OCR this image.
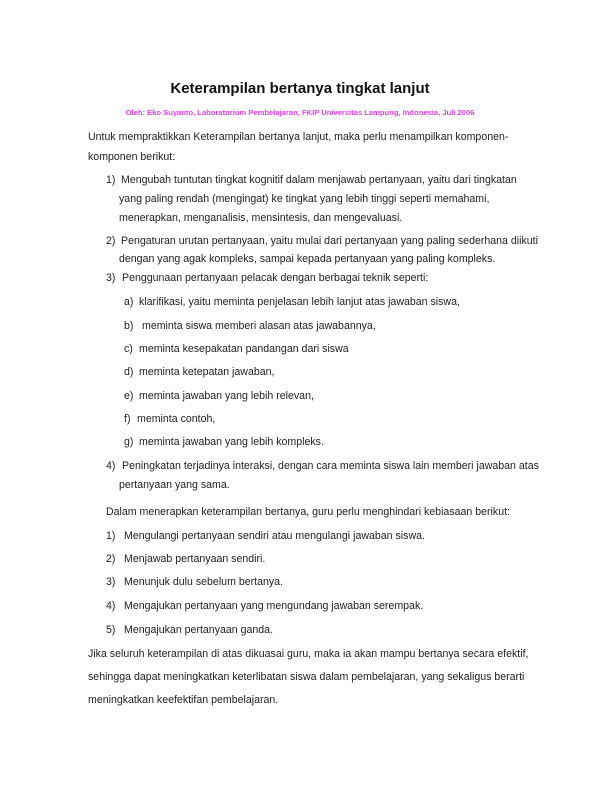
Keterampilan bertanya tingkat lanjut
Oleh: Eko Suyanto, Laboratorium Pembelajaran, FKIP Universitas Lampung, Indonesia, Juli 2006
Untuk mempraktikkan Keterampilan bertanya lanjut, maka perlu menampilkan komponen-
komponen berikut:
1) Mengubah tuntutan tingkat kognitif dalam menjawab pertanyaan, yaitu dari tingkatan
yang paling rendah (mengingat) ke tingkat yang lebih tinggi seperti memahami,
menerapkan, menganalisis, mensintesis, dan mengevaluasi.
2) Pengaturan urutan pertanyaan, yaitu mulai dari pertanyaan yang paling sederhana diikuti
dengan yang agak kompleks, sampai kepada pertanyaan yang paling kompleks.
3) Penggunaan pertanyaan pelacak dengan berbagai teknik seperti:
a) klarifikasi, yaitu meminta penjelasan lebih lanjut atas jawaban siswa,
b) meminta siswa memberi alasan atas jawabannya,
c) meminta kesepakatan pandangan dari siswa
d) meminta ketepatan jawaban,
e) meminta jawaban yang lebih relevan,
f) meminta contoh,
g) meminta jawaban yang lebih kompleks.
4) Peningkatan terjadinya interaksi, dengan cara meminta siswa lain memberi jawaban atas
pertanyaan yang sama.
Dalam menerapkan keterampilan bertanya, guru perlu menghindari kebiasaan berikut:
1) Mengulangi pertanyaan sendiri atau mengulangi jawaban siswa.
2) Menjawab pertanyaan sendiri.
3) Menunjuk dulu sebelum bertanya.
4) Mengajukan pertanyaan yang mengundang jawaban serempak.
5) Mengajukan pertanyaan ganda.
Jika seluruh keterampilan di atas dikuasai guru, maka ia akan mampu bertanya secara efektif,
sehingga dapat meningkatkan keterlibatan siswa dalam pembelajaran, yang sekaligus berarti
meningkatkan keefektifan pembelajaran.
